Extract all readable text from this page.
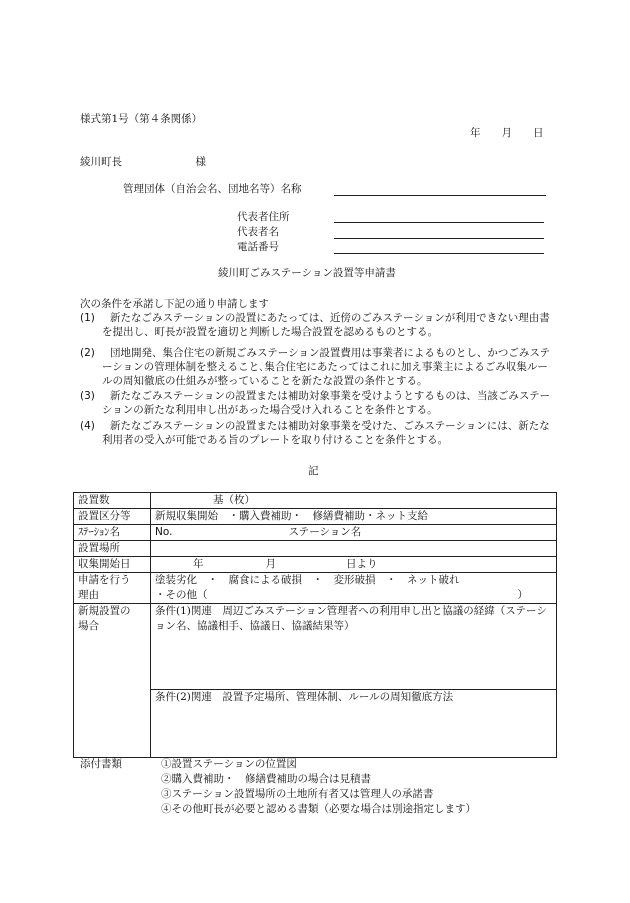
様式第1号（第４条関係）
年　　月　　日
綾川町長　　　　　　　様
管理団体（自治会名、団地名等）名称
代表者住所
代表者名
電話番号
綾川町ごみステーション設置等申請書
次の条件を承諾し下記の通り申請します
(1)	新たなごみステーションの設置にあたっては、近傍のごみステーションが利用できない理由書を提出し、町長が設置を適切と判断した場合設置を認めるものとする。
(2)	団地開発、集合住宅の新規ごみステーション設置費用は事業者によるものとし、かつごみステーションの管理体制を整えること､集合住宅にあたってはこれに加え事業主によるごみ収集ルールの周知徹底の仕組みが整っていることを新たな設置の条件とする。
(3)	新たなごみステーションの設置または補助対象事業を受けようとするものは、当該ごみステーションの新たな利用申し出があった場合受け入れることを条件とする。
(4)	新たなごみステーションの設置または補助対象事業を受けた、ごみステーションには、新たな利用者の受入が可能である旨のプレートを取り付けることを条件とする。
記
設置数	基（枚）
設置区分等	新規収集開始　・購入費補助・　修繕費補助・ネット支給
ｽﾃｰｼｮﾝ名	No. ステーション名
設置場所	
収集開始日	年 月 日より
申請を行う
理由	塗装劣化　・　腐食による破損　・　変形破損　・　ネット破れ
・その他（ ）

新規設置の
場合	条件(1)関連　周辺ごみステーション管理者への利用申し出と協議の経緯（ステーション名、協議相手、協議日、協議結果等）
	条件(2)関連　設置予定場所、管理体制、ルールの周知徹底方法
添付書類	①設置ステーションの位置図
②購入費補助・　修繕費補助の場合は見積書
③ステーション設置場所の土地所有者又は管理人の承諾書
④その他町長が必要と認める書類（必要な場合は別途指定します）
